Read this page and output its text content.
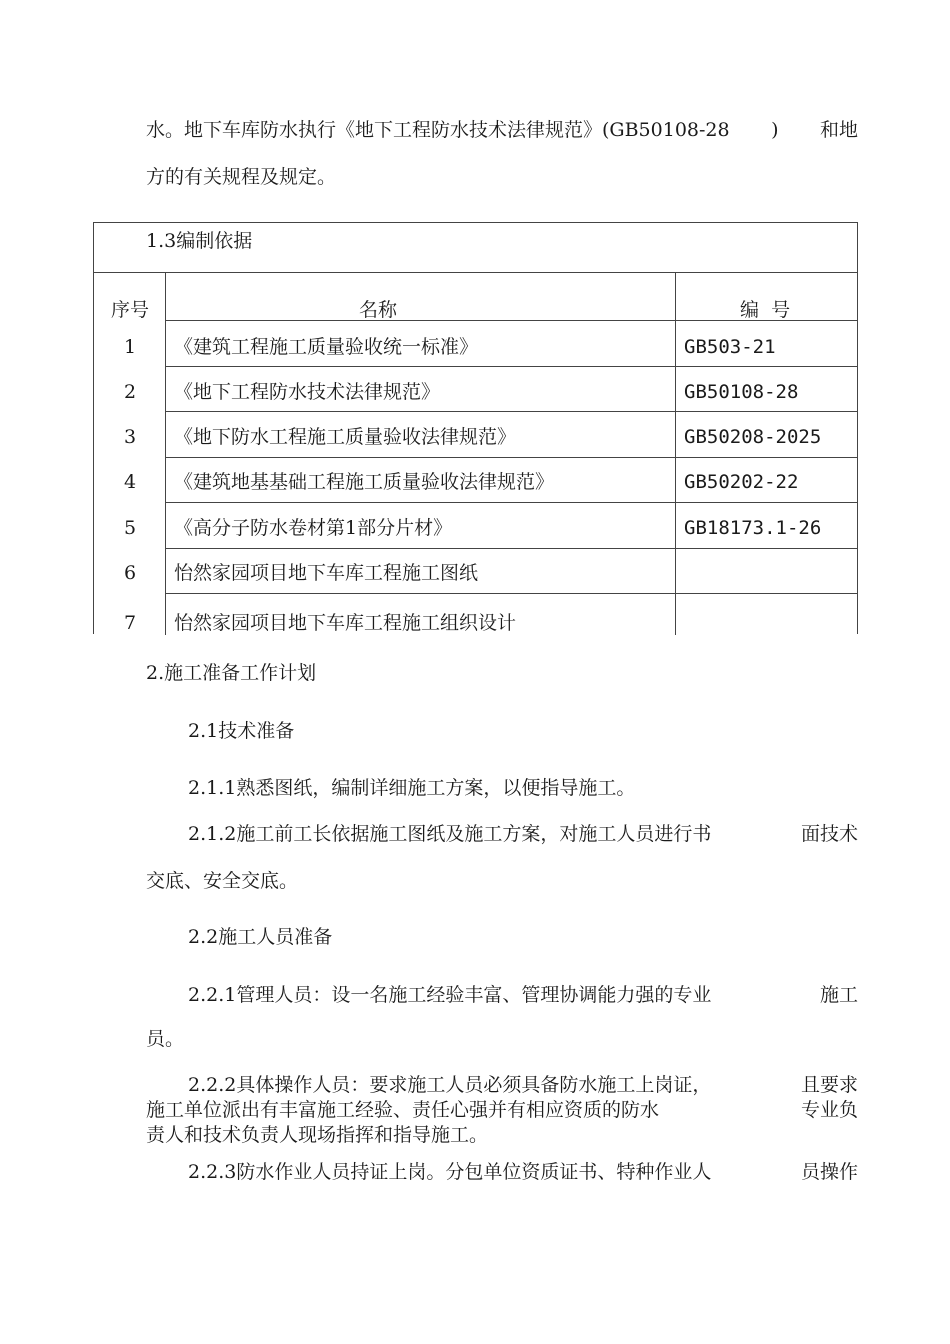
水。地下车库防水执行《地下工程防水技术法律规范》(GB50108-28 ) 和地
方的有关规程及规定。
1.3编制依据
序号	名称	编  号
1	《建筑工程施工质量验收统一标准》	GB503-21
2	《地下工程防水技术法律规范》	GB50108-28
3	《地下防水工程施工质量验收法律规范》	GB50208-2025
4	《建筑地基基础工程施工质量验收法律规范》	GB50202-22
5	《高分子防水卷材第1部分片材》	GB18173.1-26
6	怡然家园项目地下车库工程施工图纸
7	怡然家园项目地下车库工程施工组织设计
2.施工准备工作计划
2.1技术准备
2.1.1熟悉图纸，编制详细施工方案，以便指导施工。
2.1.2施工前工长依据施工图纸及施工方案，对施工人员进行书	面技术
交底、安全交底。
2.2施工人员准备
2.2.1管理人员：设一名施工经验丰富、管理协调能力强的专业	施工
员。
2.2.2具体操作人员：要求施工人员必须具备防水施工上岗证，	且要求
施工单位派出有丰富施工经验、责任心强并有相应资质的防水	专业负
责人和技术负责人现场指挥和指导施工。
2.2.3防水作业人员持证上岗。分包单位资质证书、特种作业人	员操作
